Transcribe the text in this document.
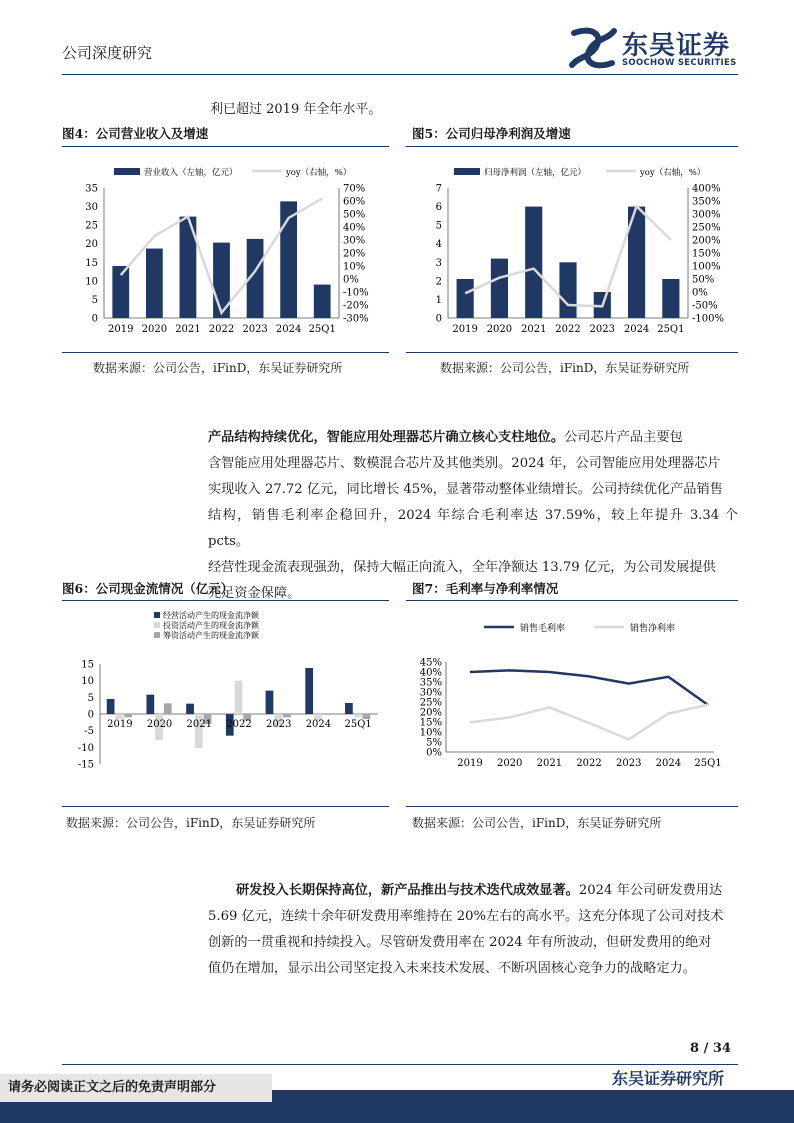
公司深度研究	东吴证券
SOOCHOW SECURITIES
利已超过 2019 年全年水平。
图4：公司营业收入及增速
营业收入（左轴，亿元）	yoy（右轴，%）
0
5
10
15
20
25
30
35
-30%
-20%
-10%
0%
10%
20%
30%
40%
50%
60%
70%
2019 2020 2021 2022 2023 2024 25Q1
数据来源：公司公告，iFinD，东吴证券研究所
图5：公司归母净利润及增速
归母净利润（左轴，亿元）	yoy（右轴，%）
0
1
2
3
4
5
6
7
-100%
-50%
0%
50%
100%
150%
200%
250%
300%
350%
400%
2019 2020 2021 2022 2023 2024 25Q1
数据来源：公司公告，iFinD，东吴证券研究所
产品结构持续优化，智能应用处理器芯片确立核心支柱地位。公司芯片产品主要包
含智能应用处理器芯片、数模混合芯片及其他类别。2024 年，公司智能应用处理器芯片
实现收入 27.72 亿元，同比增长 45%，显著带动整体业绩增长。公司持续优化产品销售
结构，销售毛利率企稳回升，2024 年综合毛利率达 37.59%，较上年提升 3.34 个 pcts。
经营性现金流表现强劲，保持大幅正向流入，全年净额达 13.79 亿元，为公司发展提供
充足资金保障。
图6：公司现金流情况（亿元）
经营活动产生的现金流净额
投资活动产生的现金流净额
筹资活动产生的现金流净额
-15
-10
-5
0
5
10
15
2019 2020 2021 2022 2023 2024 25Q1
数据来源：公司公告，iFinD，东吴证券研究所
图7：毛利率与净利率情况
销售毛利率	销售净利率
0%
5%
10%
15%
20%
25%
30%
35%
40%
45%
2019 2020 2021 2022 2023 2024 25Q1
数据来源：公司公告，iFinD，东吴证券研究所
研发投入长期保持高位，新产品推出与技术迭代成效显著。2024 年公司研发费用达
5.69 亿元，连续十余年研发费用率维持在 20%左右的高水平。这充分体现了公司对技术
创新的一贯重视和持续投入。尽管研发费用率在 2024 年有所波动，但研发费用的绝对
值仍在增加，显示出公司坚定投入未来技术发展、不断巩固核心竞争力的战略定力。
8 / 34
东吴证券研究所
请务必阅读正文之后的免责声明部分
